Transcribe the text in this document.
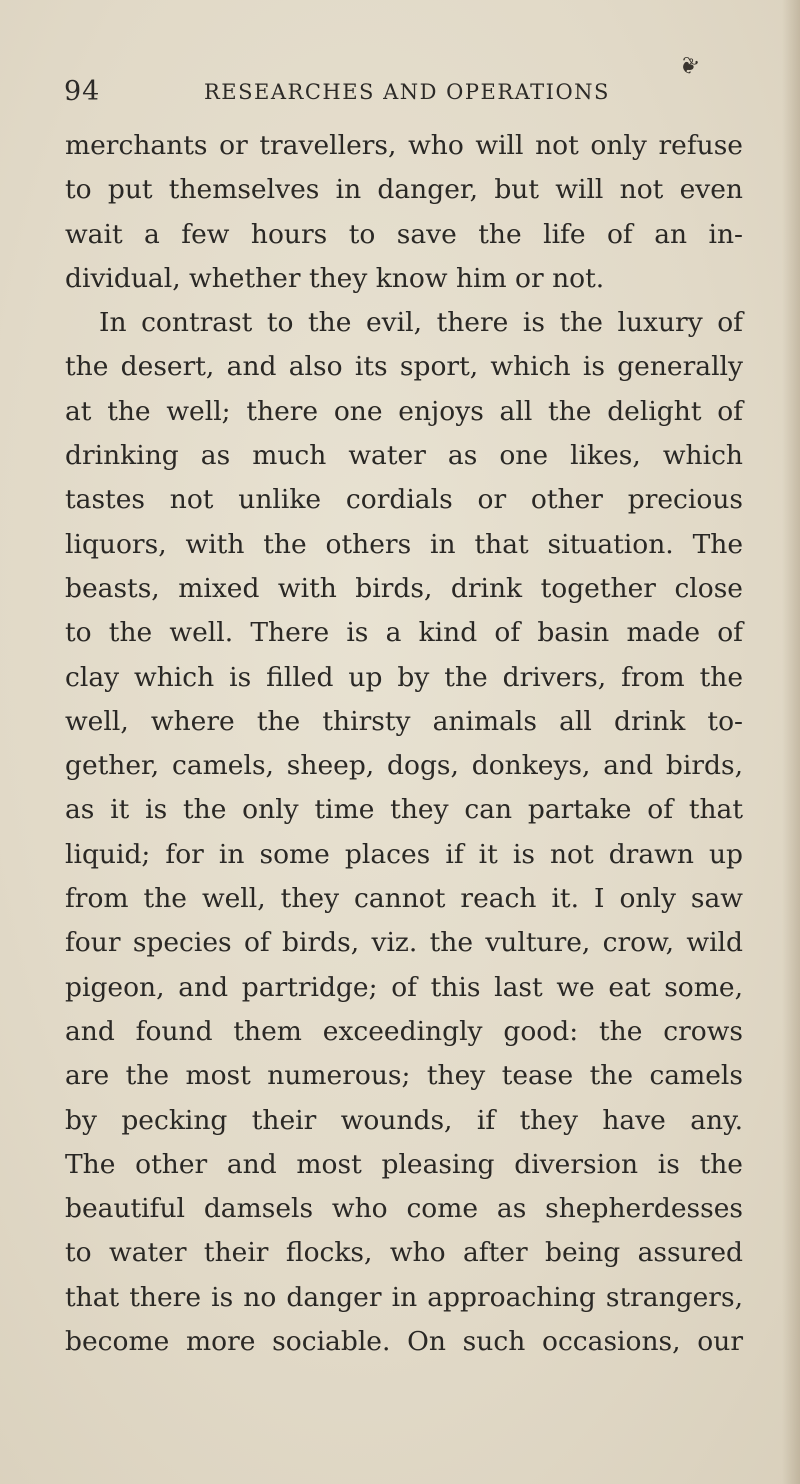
94	RESEARCHES AND OPERATIONS
❦
merchants or travellers, who will not only refuse
to put themselves in danger, but will not even
wait a few hours to save the life of an in-
dividual, whether they know him or not.
In contrast to the evil, there is the luxury of
the desert, and also its sport, which is generally
at the well; there one enjoys all the delight of
drinking as much water as one likes, which
tastes not unlike cordials or other precious
liquors, with the others in that situation. The
beasts, mixed with birds, drink together close
to the well. There is a kind of basin made of
clay which is filled up by the drivers, from the
well, where the thirsty animals all drink to-
gether, camels, sheep, dogs, donkeys, and birds,
as it is the only time they can partake of that
liquid; for in some places if it is not drawn up
from the well, they cannot reach it. I only saw
four species of birds, viz. the vulture, crow, wild
pigeon, and partridge; of this last we eat some,
and found them exceedingly good: the crows
are the most numerous; they tease the camels
by pecking their wounds, if they have any.
The other and most pleasing diversion is the
beautiful damsels who come as shepherdesses
to water their flocks, who after being assured
that there is no danger in approaching strangers,
become more sociable. On such occasions, our
